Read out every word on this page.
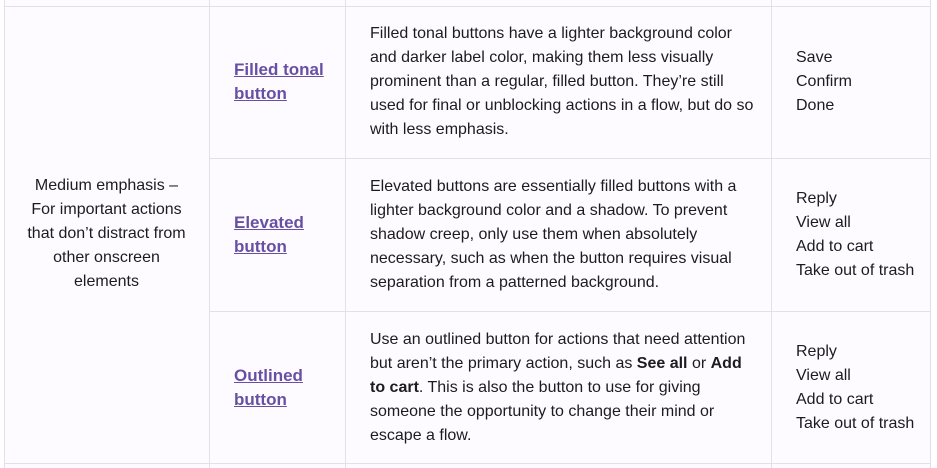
Medium emphasis – For important actions that don’t distract from other onscreen elements
Filled tonal button
Filled tonal buttons have a lighter background color and darker label color, making them less visually prominent than a regular, filled button. They’re still used for final or unblocking actions in a flow, but do so with less emphasis.
Save
Confirm
Done
Elevated button
Elevated buttons are essentially filled buttons with a lighter background color and a shadow. To prevent shadow creep, only use them when absolutely necessary, such as when the button requires visual separation from a patterned background.
Reply
View all
Add to cart
Take out of trash
Outlined button
Use an outlined button for actions that need attention but aren’t the primary action, such as See all or Add to cart. This is also the button to use for giving someone the opportunity to change their mind or escape a flow.
Reply
View all
Add to cart
Take out of trash
